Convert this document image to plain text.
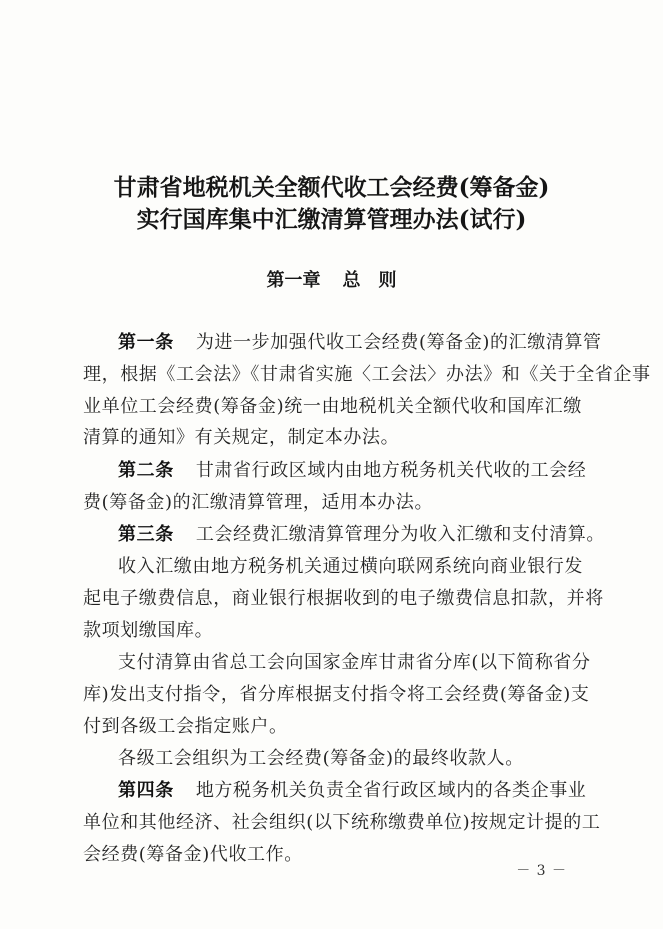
甘肃省地税机关全额代收工会经费(筹备金)
实行国库集中汇缴清算管理办法(试行)
第一章 总　则
第一条 为进一步加强代收工会经费(筹备金)的汇缴清算管
理，根据《工会法》《甘肃省实施〈工会法〉办法》和《关于全省企事
业单位工会经费(筹备金)统一由地税机关全额代收和国库汇缴
清算的通知》有关规定，制定本办法。
第二条 甘肃省行政区域内由地方税务机关代收的工会经
费(筹备金)的汇缴清算管理，适用本办法。
第三条 工会经费汇缴清算管理分为收入汇缴和支付清算。
收入汇缴由地方税务机关通过横向联网系统向商业银行发
起电子缴费信息，商业银行根据收到的电子缴费信息扣款，并将
款项划缴国库。
支付清算由省总工会向国家金库甘肃省分库(以下简称省分
库)发出支付指令，省分库根据支付指令将工会经费(筹备金)支
付到各级工会指定账户。
各级工会组织为工会经费(筹备金)的最终收款人。
第四条 地方税务机关负责全省行政区域内的各类企事业
单位和其他经济、社会组织(以下统称缴费单位)按规定计提的工
会经费(筹备金)代收工作。
－ 3 －
